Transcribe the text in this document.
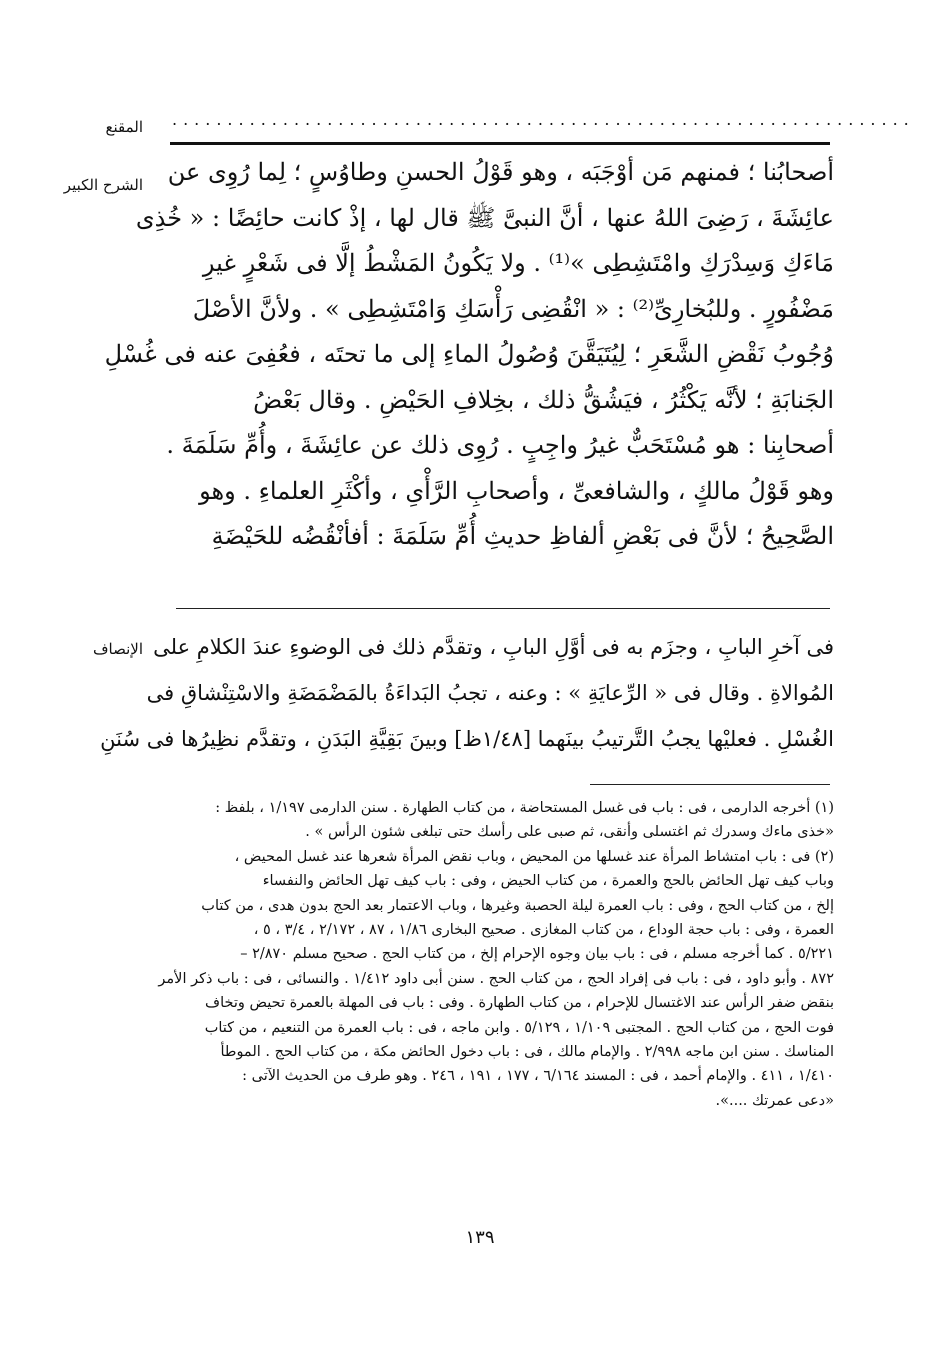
المقنع ...................................................................
الشرح الكبير أصحابُنا ؛ فمنهم مَن أوْجَبَه ، وهو قَوْلُ الحسنِ وطاوُسٍ ؛ لِما رُوِى عن
عائِشَةَ ، رَضِىَ اللهُ عنها ، أنَّ النبىَّ ﷺ قال لها ، إذْ كانت حائِضًا : « خُذِى
مَاءَكِ وَسِدْرَكِ وامْتَشِطِى »⁽¹⁾ . ولا يَكُونُ المَشْطُ إلَّا فى شَعْرٍ غيرِ
مَضْفُورٍ . وللبُخارِىِّ⁽²⁾ : « انْقُضِى رَأْسَكِ وَامْتَشِطِى » . ولأنَّ الأصْلَ
وُجُوبُ نَقْضِ الشَّعَرِ ؛ لِيُتَيَقَّنَ وُصُولُ الماءِ إلى ما تحتَه ، فعُفِىَ عنه فى غُسْلِ
الجَنابَةِ ؛ لأنَّه يَكْثُرُ ، فيَشُقُّ ذلك ، بخِلافِ الحَيْضِ . وقال بَعْضُ
أصحابِنا : هو مُسْتَحَبٌّ غيرُ واجِبٍ . رُوِى ذلك عن عائِشَةَ ، وأُمِّ سَلَمَةَ .
وهو قَوْلُ مالكٍ ، والشافعىِّ ، وأصحابِ الرَّأْىِ ، وأكْثَرِ العلماءِ . وهو
الصَّحِيحُ ؛ لأنَّ فى بَعْضِ ألفاظِ حديثِ أُمِّ سَلَمَةَ : أفأنْقُضُه للحَيْضَةِ
الإنصاف فى آخرِ البابِ ، وجزَم به فى أوَّلِ البابِ ، وتقدَّم ذلك فى الوضوءِ عندَ الكلامِ على
المُوالاةِ . وقال فى « الرِّعايَةِ » : وعنه ، تجبُ البَداءَةُ بالمَضْمَضَةِ والاسْتِنْشاقِ فى
الغُسْلِ . فعليْها يجبُ التَّرتيبُ بينَهما [١/٤٨ظ] وبينَ بَقِيَّةِ البَدَنِ ، وتقدَّم نظِيرُها فى سُنَنِ
(١) أخرجه الدارمى ، فى : باب فى غسل المستحاضة ، من كتاب الطهارة . سنن الدارمى ١/١٩٧ ، بلفظ :
«خذى ماءك وسدرك ثم اغتسلى وأنقى، ثم صبى على رأسك حتى تبلغى شئون الرأس » .
(٢) فى : باب امتشاط المرأة عند غسلها من المحيض ، وباب نقض المرأة شعرها عند غسل المحيض ،
وباب كيف تهل الحائض بالحج والعمرة ، من كتاب الحيض ، وفى : باب كيف تهل الحائض والنفساء
إلخ ، من كتاب الحج ، وفى : باب العمرة ليلة الحصبة وغيرها ، وباب الاعتمار بعد الحج بدون هدى ، من كتاب
العمرة ، وفى : باب حجة الوداع ، من كتاب المغازى . صحيح البخارى ١/٨٦ ، ٨٧ ، ٢/١٧٢ ، ٣/٤ ، ٥ ،
٥/٢٢١ . كما أخرجه مسلم ، فى : باب بيان وجوه الإحرام إلخ ، من كتاب الحج . صحيح مسلم ٢/٨٧٠ –
٨٧٢ . وأبو داود ، فى : باب فى إفراد الحج ، من كتاب الحج . سنن أبى داود ١/٤١٢ . والنسائى ، فى : باب ذكر الأمر
بنقض ضفر الرأس عند الاغتسال للإحرام ، من كتاب الطهارة . وفى : باب فى المهلة بالعمرة تحيض وتخاف
فوت الحج ، من كتاب الحج . المجتبى ١/١٠٩ ، ٥/١٢٩ . وابن ماجه ، فى : باب العمرة من التنعيم ، من كتاب
المناسك . سنن ابن ماجه ٢/٩٩٨ . والإمام مالك ، فى : باب دخول الحائض مكة ، من كتاب الحج . الموطأ
١/٤١٠ ، ٤١١ . والإمام أحمد ، فى : المسند ٦/١٦٤ ، ١٧٧ ، ١٩١ ، ٢٤٦ . وهو طرف من الحديث الآتى :
«دعى عمرتك ....».
١٣٩
